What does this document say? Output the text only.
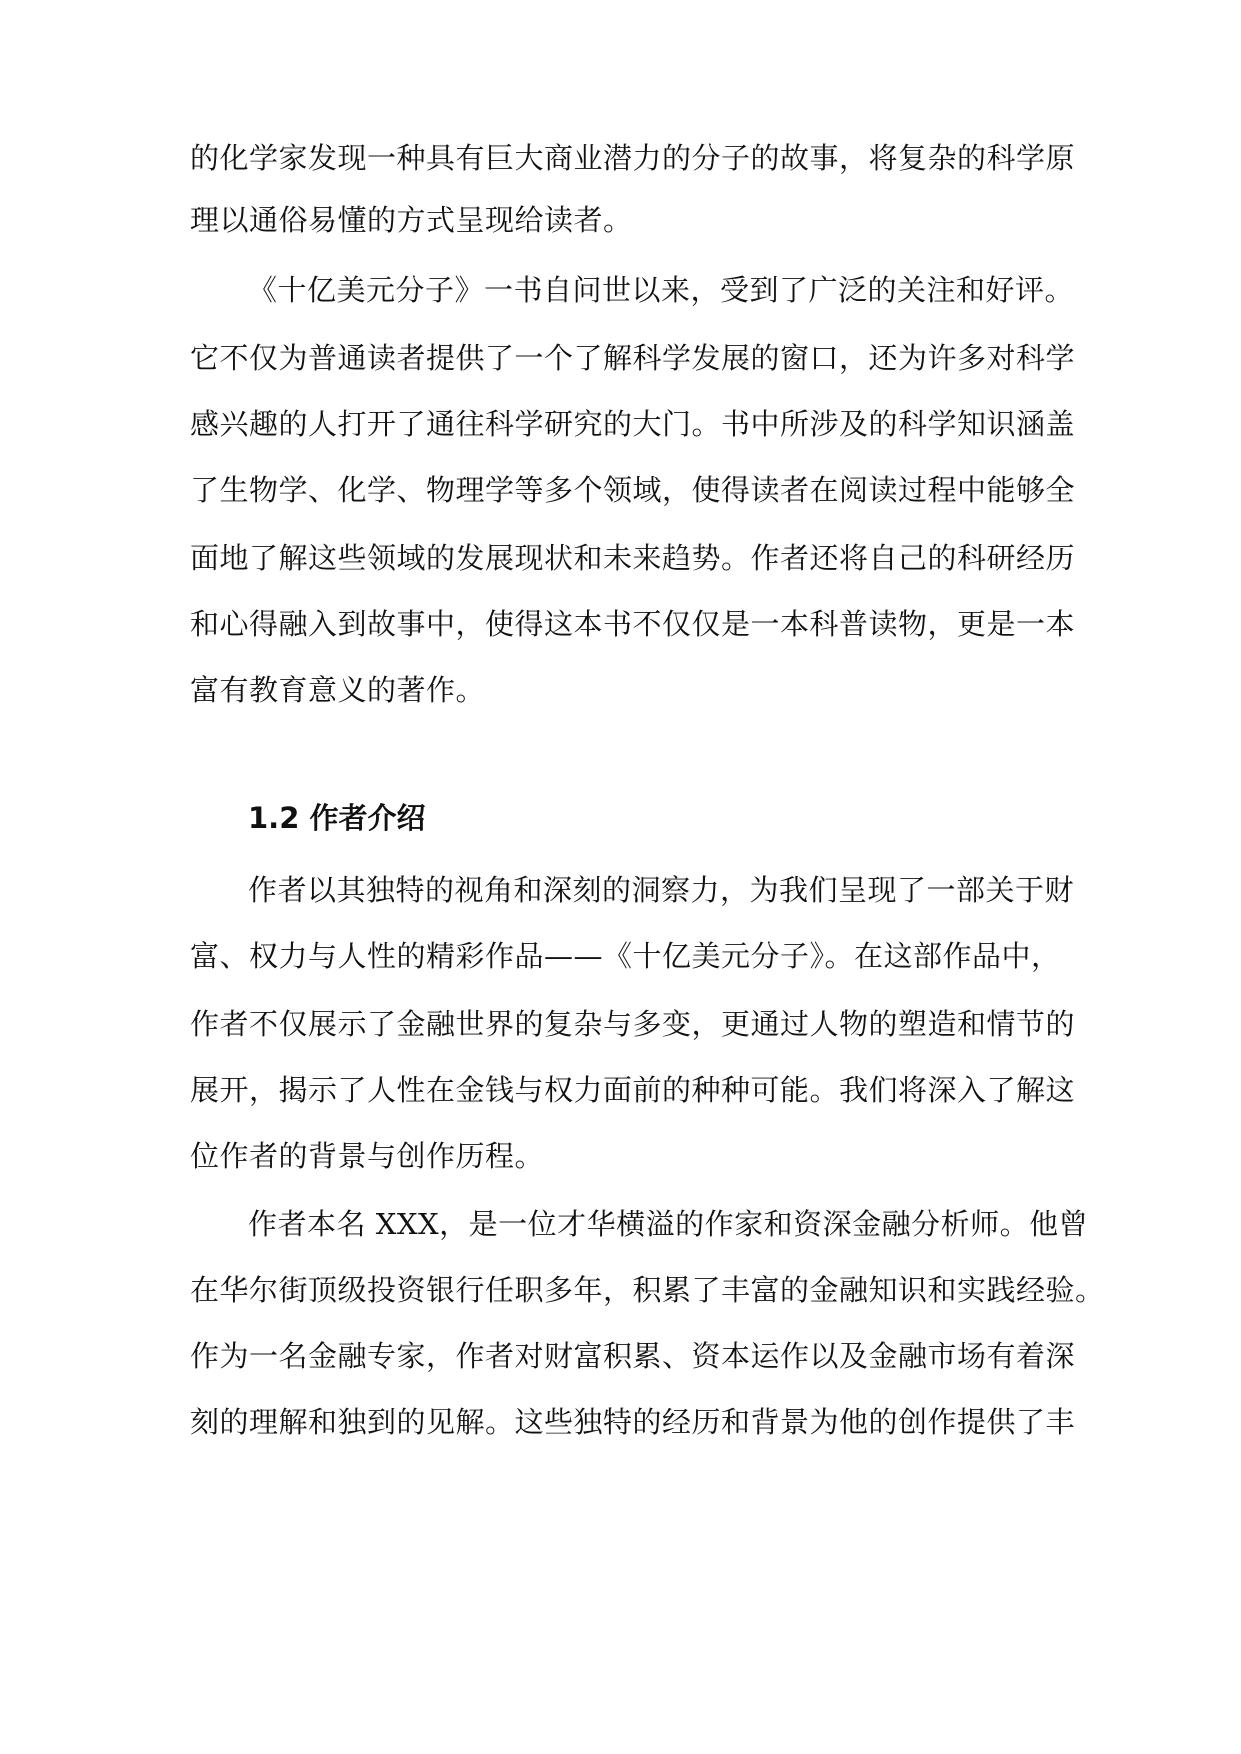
的化学家发现一种具有巨大商业潜力的分子的故事，将复杂的科学原
理以通俗易懂的方式呈现给读者。
《十亿美元分子》一书自问世以来，受到了广泛的关注和好评。
它不仅为普通读者提供了一个了解科学发展的窗口，还为许多对科学
感兴趣的人打开了通往科学研究的大门。书中所涉及的科学知识涵盖
了生物学、化学、物理学等多个领域，使得读者在阅读过程中能够全
面地了解这些领域的发展现状和未来趋势。作者还将自己的科研经历
和心得融入到故事中，使得这本书不仅仅是一本科普读物，更是一本
富有教育意义的著作。
1.2 作者介绍
作者以其独特的视角和深刻的洞察力，为我们呈现了一部关于财
富、权力与人性的精彩作品——《十亿美元分子》。在这部作品中，
作者不仅展示了金融世界的复杂与多变，更通过人物的塑造和情节的
展开，揭示了人性在金钱与权力面前的种种可能。我们将深入了解这
位作者的背景与创作历程。
作者本名 XXX，是一位才华横溢的作家和资深金融分析师。他曾
在华尔街顶级投资银行任职多年，积累了丰富的金融知识和实践经验。
作为一名金融专家，作者对财富积累、资本运作以及金融市场有着深
刻的理解和独到的见解。这些独特的经历和背景为他的创作提供了丰
